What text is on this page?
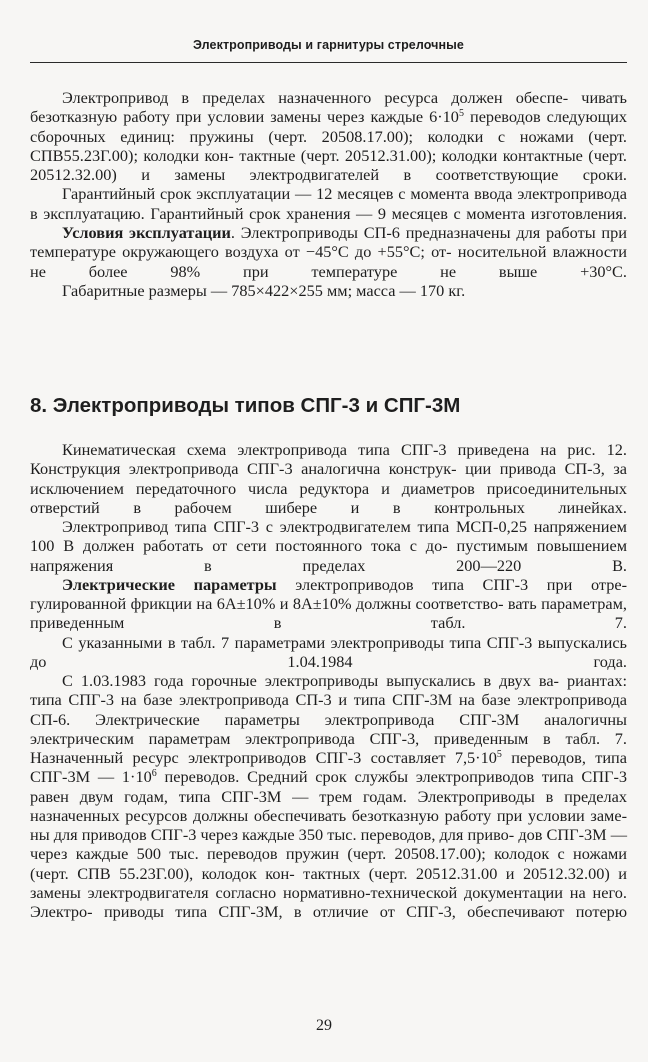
Электроприводы и гарнитуры стрелочные

Электропривод в пределах назначенного ресурса должен обеспе- чивать безотказную работу при условии замены через каждые $6\cdot 10^5$ переводов следующих сборочных единиц: пружины (черт. 20508.17.00); колодки с ножами (черт. СПВ55.23Г.00); колодки кон- тактные (черт. 20512.31.00); колодки контактные (черт. 20512.32.00) и замены электродвигателей в соответствующие сроки.

Гарантийный срок эксплуатации — 12 месяцев с момента ввода электропривода в эксплуатацию. Гарантийный срок хранения — 9 месяцев с момента изготовления.

Условия эксплуатации. Электроприводы СП-6 предназначены для работы при температуре окружающего воздуха от −45°С до +55°С; от- носительной влажности не более 98% при температуре не выше +30°С.

Габаритные размеры — 785×422×255 мм; масса — 170 кг.

8. Электроприводы типов СПГ-3 и СПГ-3М

Кинематическая схема электропривода типа СПГ-3 приведена на рис. 12. Конструкция электропривода СПГ-3 аналогична конструк- ции привода СП-3, за исключением передаточного числа редуктора и диаметров присоединительных отверстий в рабочем шибере и в контрольных линейках.

Электропривод типа СПГ-3 с электродвигателем типа МСП-0,25 напряжением 100 В должен работать от сети постоянного тока с до- пустимым повышением напряжения в пределах 200—220 В.

Электрические параметры электроприводов типа СПГ-3 при отре- гулированной фрикции на 6А±10% и 8А±10% должны соответство- вать параметрам, приведенным в табл. 7.

С указанными в табл. 7 параметрами электроприводы типа СПГ-3 выпускались до 1.04.1984 года.

С 1.03.1983 года горочные электроприводы выпускались в двух ва- риантах: типа СПГ-3 на базе электропривода СП-3 и типа СПГ-3М на базе электропривода СП-6. Электрические параметры электропривода СПГ-3М аналогичны электрическим параметрам электропривода СПГ-3, приведенным в табл. 7. Назначенный ресурс электроприводов СПГ-3 составляет $7,5\cdot 10^5$ переводов, типа СПГ-3М — $1\cdot 10^6$ переводов. Средний срок службы электроприводов типа СПГ-3 равен двум годам, типа СПГ-3М — трем годам. Электроприводы в пределах назначенных ресурсов должны обеспечивать безотказную работу при условии заме- ны для приводов СПГ-3 через каждые 350 тыс. переводов, для приво- дов СПГ-3М — через каждые 500 тыс. переводов пружин (черт. 20508.17.00); колодок с ножами (черт. СПВ 55.23Г.00), колодок кон- тактных (черт. 20512.31.00 и 20512.32.00) и замены электродвигателя согласно нормативно-технической документации на него. Электро- приводы типа СПГ-3М, в отличие от СПГ-3, обеспечивают потерю

29
